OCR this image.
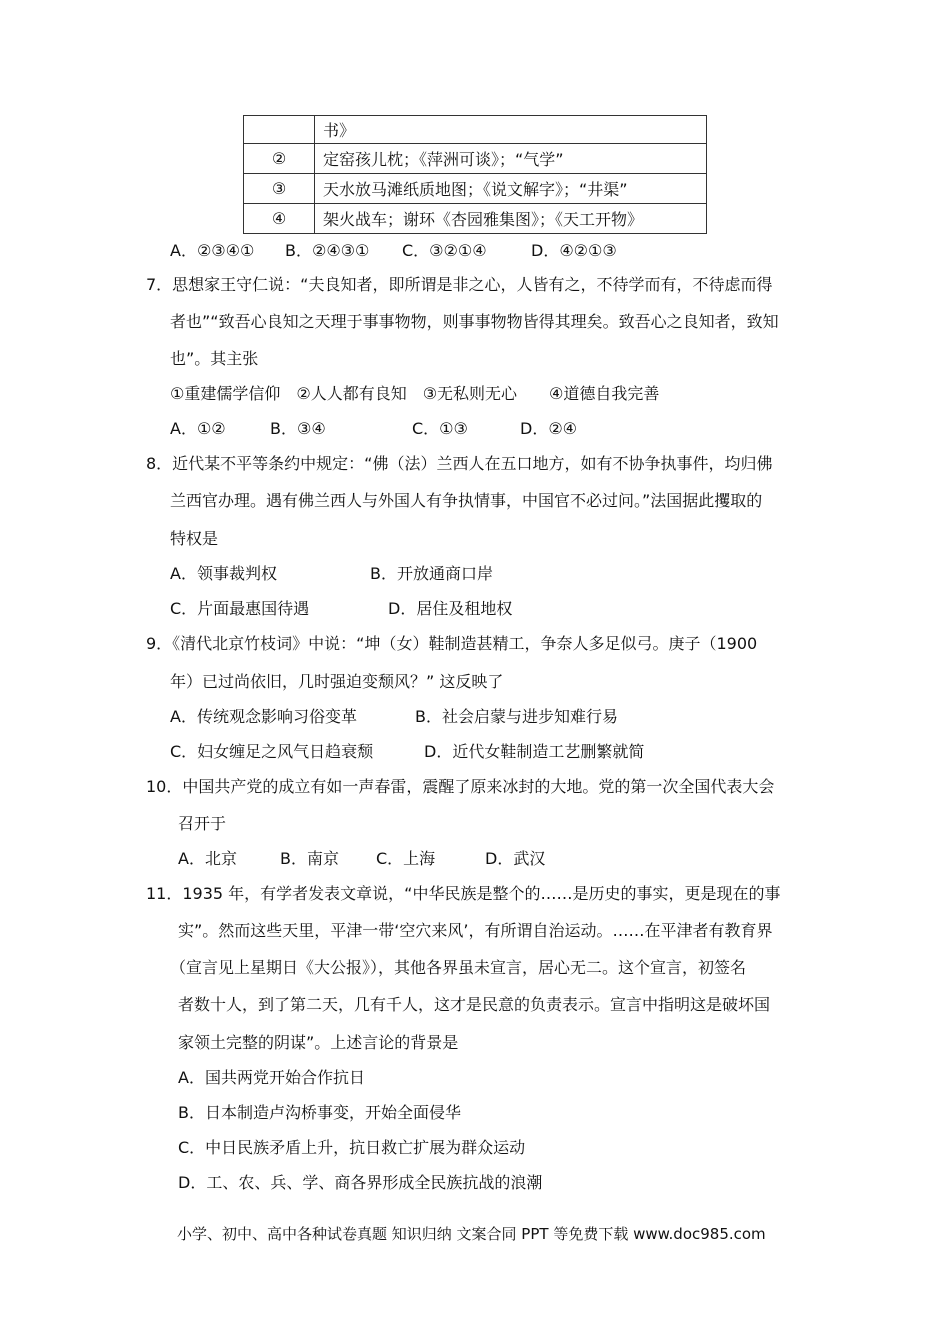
	书》
②	定窑孩儿枕；《萍洲可谈》；“气学”
③	天水放马滩纸质地图；《说文解字》；“井渠”
④	架火战车；谢环《杏园雅集图》；《天工开物》
A．②③④① B．②④③① C．③②①④	D．④②①③
7．思想家王守仁说：“夫良知者，即所谓是非之心，人皆有之，不待学而有，不待虑而得
者也”“致吾心良知之天理于事事物物，则事事物物皆得其理矣。致吾心之良知者，致知
也”。其主张
①重建儒学信仰　②人人都有良知　③无私则无心　　④道德自我完善
A．①②	B．③④	C．①③	D．②④
8．近代某不平等条约中规定：“佛（法）兰西人在五口地方，如有不协争执事件，均归佛
兰西官办理。遇有佛兰西人与外国人有争执情事，中国官不必过问。”法国据此攫取的
特权是
A．领事裁判权	B．开放通商口岸
C．片面最惠国待遇	D．居住及租地权
9．《清代北京竹枝词》中说：“坤（女）鞋制造甚精工，争奈人多足似弓。庚子（1900
年）已过尚依旧，几时强迫变颓风？” 这反映了
A．传统观念影响习俗变革	B．社会启蒙与进步知难行易
C．妇女缠足之风气日趋衰颓	D．近代女鞋制造工艺删繁就简
10．中国共产党的成立有如一声春雷，震醒了原来冰封的大地。党的第一次全国代表大会
召开于
A．北京	B．南京 C．上海	D．武汉
11．1935 年，有学者发表文章说，“中华民族是整个的……是历史的事实，更是现在的事
实”。然而这些天里，平津一带‘空穴来风’，有所谓自治运动。……在平津者有教育界
（宣言见上星期日《大公报》），其他各界虽未宣言，居心无二。这个宣言，初签名
者数十人，到了第二天，几有千人，这才是民意的负责表示。宣言中指明这是破坏国
家领土完整的阴谋”。上述言论的背景是
A．国共两党开始合作抗日
B．日本制造卢沟桥事变，开始全面侵华
C．中日民族矛盾上升，抗日救亡扩展为群众运动
D．工、农、兵、学、商各界形成全民族抗战的浪潮
小学、初中、高中各种试卷真题 知识归纳 文案合同 PPT 等免费下载 www.doc985.com
